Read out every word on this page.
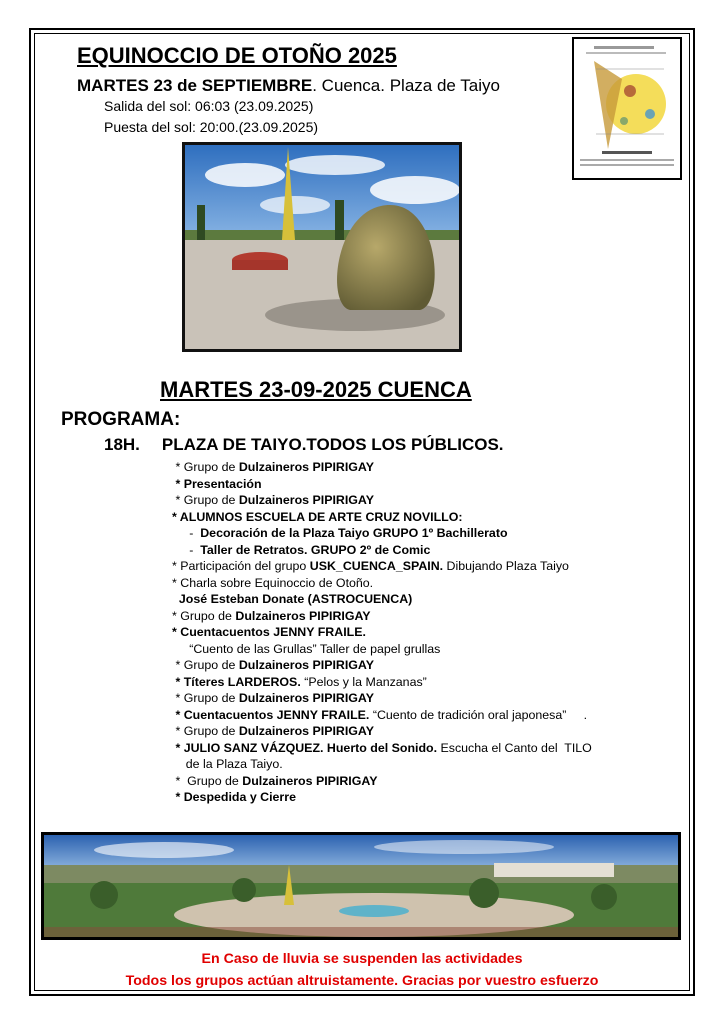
EQUINOCCIO DE OTOÑO 2025
MARTES 23 de SEPTIEMBRE. Cuenca. Plaza de Taiyo
Salida del sol: 06:03 (23.09.2025)
Puesta del sol: 20:00.(23.09.2025)
MARTES 23-09-2025 CUENCA
PROGRAMA:
18H. PLAZA DE TAIYO.TODOS LOS PÚBLICOS.
* Grupo de Dulzaineros PIPIRIGAY
* Presentación
* Grupo de Dulzaineros PIPIRIGAY
* ALUMNOS ESCUELA DE ARTE CRUZ NOVILLO:
-  Decoración de la Plaza Taiyo GRUPO 1º Bachillerato
-  Taller de Retratos. GRUPO 2º de Comic
* Participación del grupo USK_CUENCA_SPAIN. Dibujando Plaza Taiyo
* Charla sobre Equinoccio de Otoño.
José Esteban Donate (ASTROCUENCA)
* Grupo de Dulzaineros PIPIRIGAY
* Cuentacuentos JENNY FRAILE.
“Cuento de las Grullas” Taller de papel grullas
* Grupo de Dulzaineros PIPIRIGAY
* Títeres LARDEROS. “Pelos y la Manzanas”
* Grupo de Dulzaineros PIPIRIGAY
* Cuentacuentos JENNY FRAILE. “Cuento de tradición oral japonesa”     .
* Grupo de Dulzaineros PIPIRIGAY
* JULIO SANZ VÁZQUEZ. Huerto del Sonido. Escucha el Canto del  TILO
de la Plaza Taiyo.
*  Grupo de Dulzaineros PIPIRIGAY
* Despedida y Cierre
En Caso de lluvia se suspenden las actividades
Todos los grupos actúan altruistamente. Gracias por vuestro esfuerzo
